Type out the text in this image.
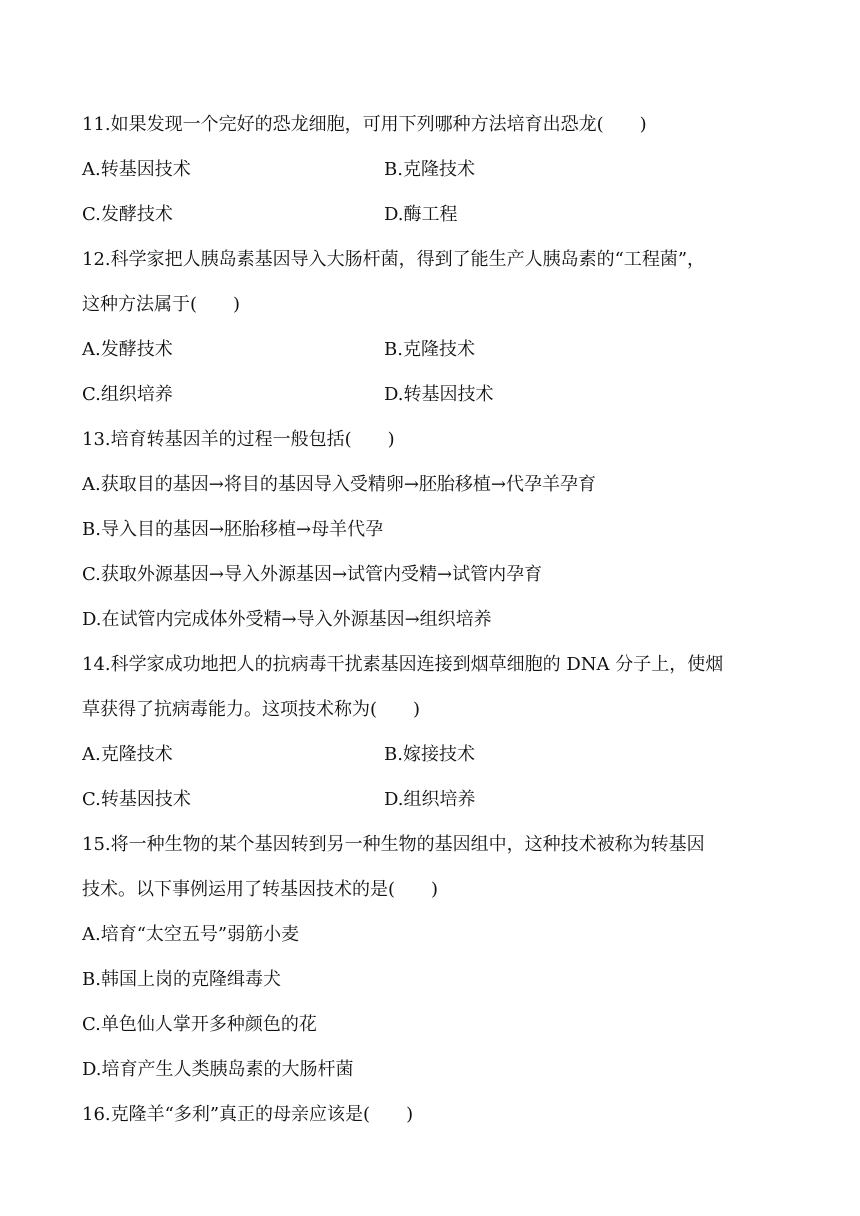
11.如果发现一个完好的恐龙细胞，可用下列哪种方法培育出恐龙(　　)
A.转基因技术	B.克隆技术
C.发酵技术	D.酶工程
12.科学家把人胰岛素基因导入大肠杆菌，得到了能生产人胰岛素的“工程菌”，
这种方法属于(　　)
A.发酵技术	B.克隆技术
C.组织培养	D.转基因技术
13.培育转基因羊的过程一般包括(　　)
A.获取目的基因→将目的基因导入受精卵→胚胎移植→代孕羊孕育
B.导入目的基因→胚胎移植→母羊代孕
C.获取外源基因→导入外源基因→试管内受精→试管内孕育
D.在试管内完成体外受精→导入外源基因→组织培养
14.科学家成功地把人的抗病毒干扰素基因连接到烟草细胞的 DNA 分子上，使烟
草获得了抗病毒能力。这项技术称为(　　)
A.克隆技术	B.嫁接技术
C.转基因技术	D.组织培养
15.将一种生物的某个基因转到另一种生物的基因组中，这种技术被称为转基因
技术。以下事例运用了转基因技术的是(　　)
A.培育“太空五号”弱筋小麦
B.韩国上岗的克隆缉毒犬
C.单色仙人掌开多种颜色的花
D.培育产生人类胰岛素的大肠杆菌
16.克隆羊“多利”真正的母亲应该是(　　)
